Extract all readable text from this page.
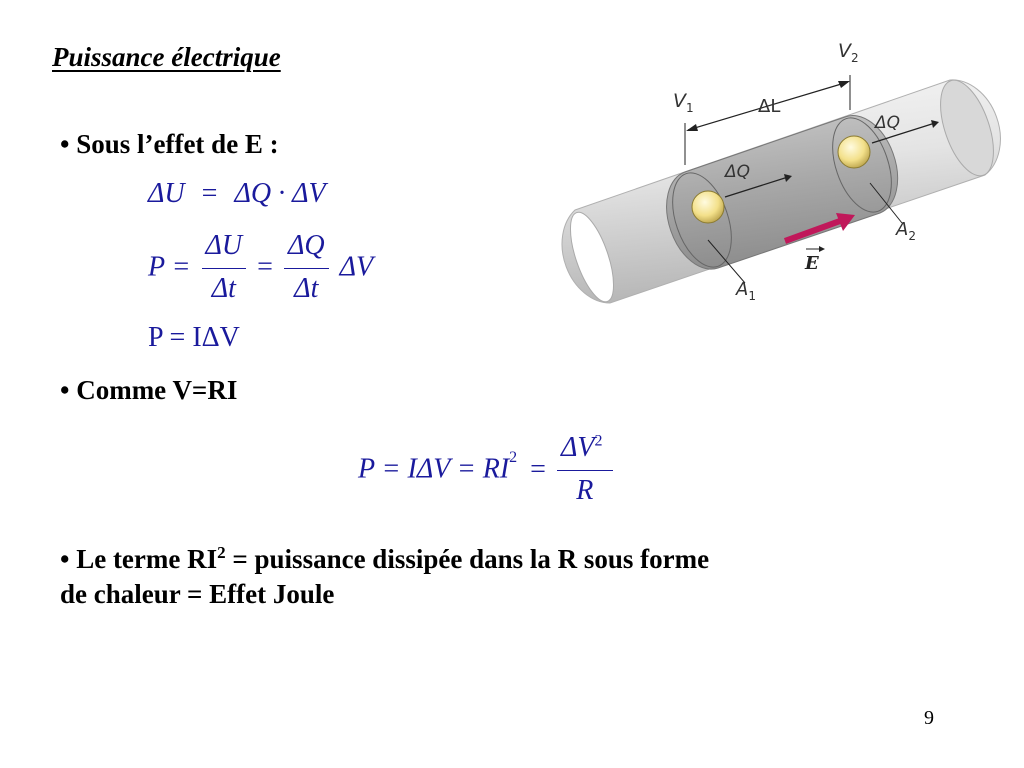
Puissance électrique
• Sous l’effet de E :
ΔU = ΔQ · ΔV
$P = \frac{\Delta U}{\Delta t} = \frac{\Delta Q}{\Delta t}$ ΔV
P = IΔV
• Comme V=RI
$P = I\Delta V = RI^2 = \frac{\Delta V^2}{R}$
• Le terme $RI^2$ = puissance dissipée dans la R sous forme
de chaleur = Effet Joule
9
$V_1$
$V_2$
ΔL
ΔQ
ΔQ
$A_1$
$A_2$
E
